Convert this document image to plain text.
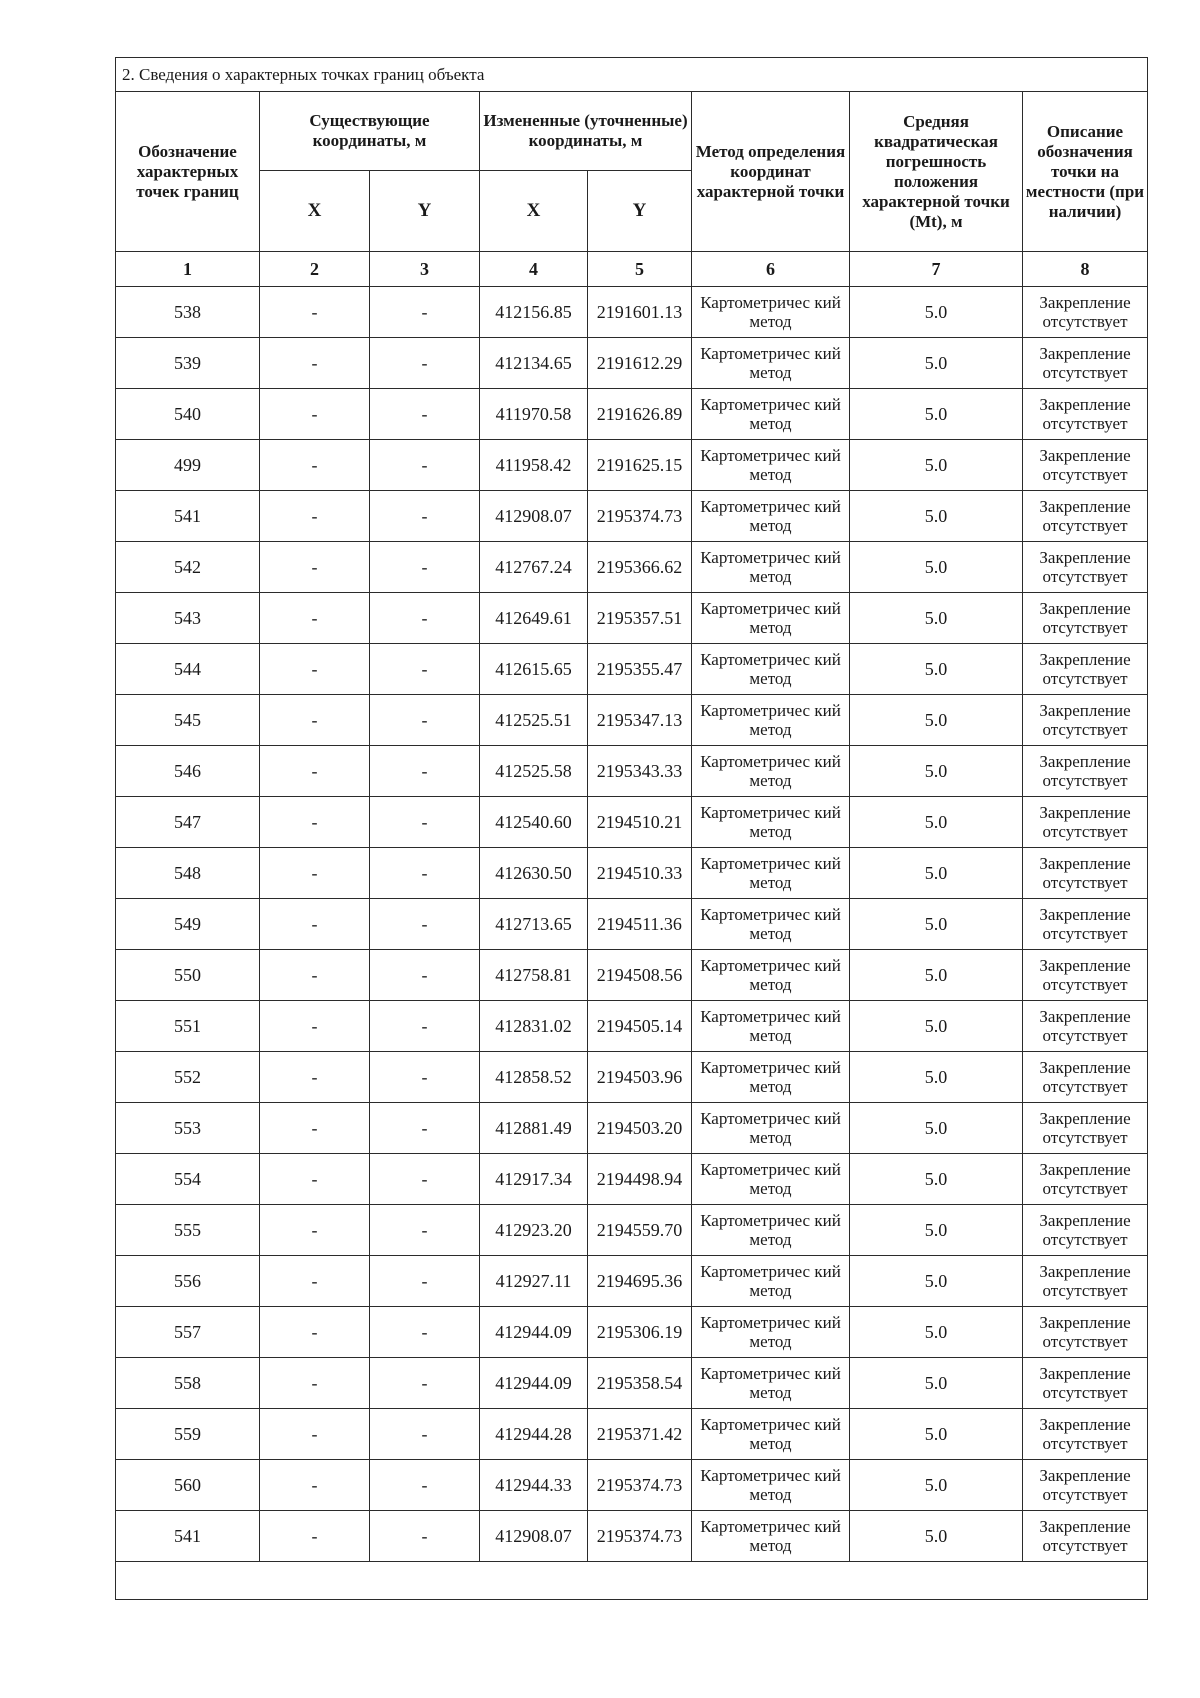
2. Сведения о характерных точках границ объекта							
Обозначение характерных точек границ	Существующие координаты, м		Измененные (уточненные) координаты, м		Метод определения координат характерной точки	Средняя квадратическая погрешность положения характерной точки (Mt), м	Описание обозначения точки на местности (при наличии)
	X	Y	X	Y			
1	2	3	4	5	6	7	8
538	-	-	412156.85	2191601.13	Картометричес кий метод	5.0	Закрепление отсутствует
539	-	-	412134.65	2191612.29	Картометричес кий метод	5.0	Закрепление отсутствует
540	-	-	411970.58	2191626.89	Картометричес кий метод	5.0	Закрепление отсутствует
499	-	-	411958.42	2191625.15	Картометричес кий метод	5.0	Закрепление отсутствует
541	-	-	412908.07	2195374.73	Картометричес кий метод	5.0	Закрепление отсутствует
542	-	-	412767.24	2195366.62	Картометричес кий метод	5.0	Закрепление отсутствует
543	-	-	412649.61	2195357.51	Картометричес кий метод	5.0	Закрепление отсутствует
544	-	-	412615.65	2195355.47	Картометричес кий метод	5.0	Закрепление отсутствует
545	-	-	412525.51	2195347.13	Картометричес кий метод	5.0	Закрепление отсутствует
546	-	-	412525.58	2195343.33	Картометричес кий метод	5.0	Закрепление отсутствует
547	-	-	412540.60	2194510.21	Картометричес кий метод	5.0	Закрепление отсутствует
548	-	-	412630.50	2194510.33	Картометричес кий метод	5.0	Закрепление отсутствует
549	-	-	412713.65	2194511.36	Картометричес кий метод	5.0	Закрепление отсутствует
550	-	-	412758.81	2194508.56	Картометричес кий метод	5.0	Закрепление отсутствует
551	-	-	412831.02	2194505.14	Картометричес кий метод	5.0	Закрепление отсутствует
552	-	-	412858.52	2194503.96	Картометричес кий метод	5.0	Закрепление отсутствует
553	-	-	412881.49	2194503.20	Картометричес кий метод	5.0	Закрепление отсутствует
554	-	-	412917.34	2194498.94	Картометричес кий метод	5.0	Закрепление отсутствует
555	-	-	412923.20	2194559.70	Картометричес кий метод	5.0	Закрепление отсутствует
556	-	-	412927.11	2194695.36	Картометричес кий метод	5.0	Закрепление отсутствует
557	-	-	412944.09	2195306.19	Картометричес кий метод	5.0	Закрепление отсутствует
558	-	-	412944.09	2195358.54	Картометричес кий метод	5.0	Закрепление отсутствует
559	-	-	412944.28	2195371.42	Картометричес кий метод	5.0	Закрепление отсутствует
560	-	-	412944.33	2195374.73	Картометричес кий метод	5.0	Закрепление отсутствует
541	-	-	412908.07	2195374.73	Картометричес кий метод	5.0	Закрепление отсутствует
